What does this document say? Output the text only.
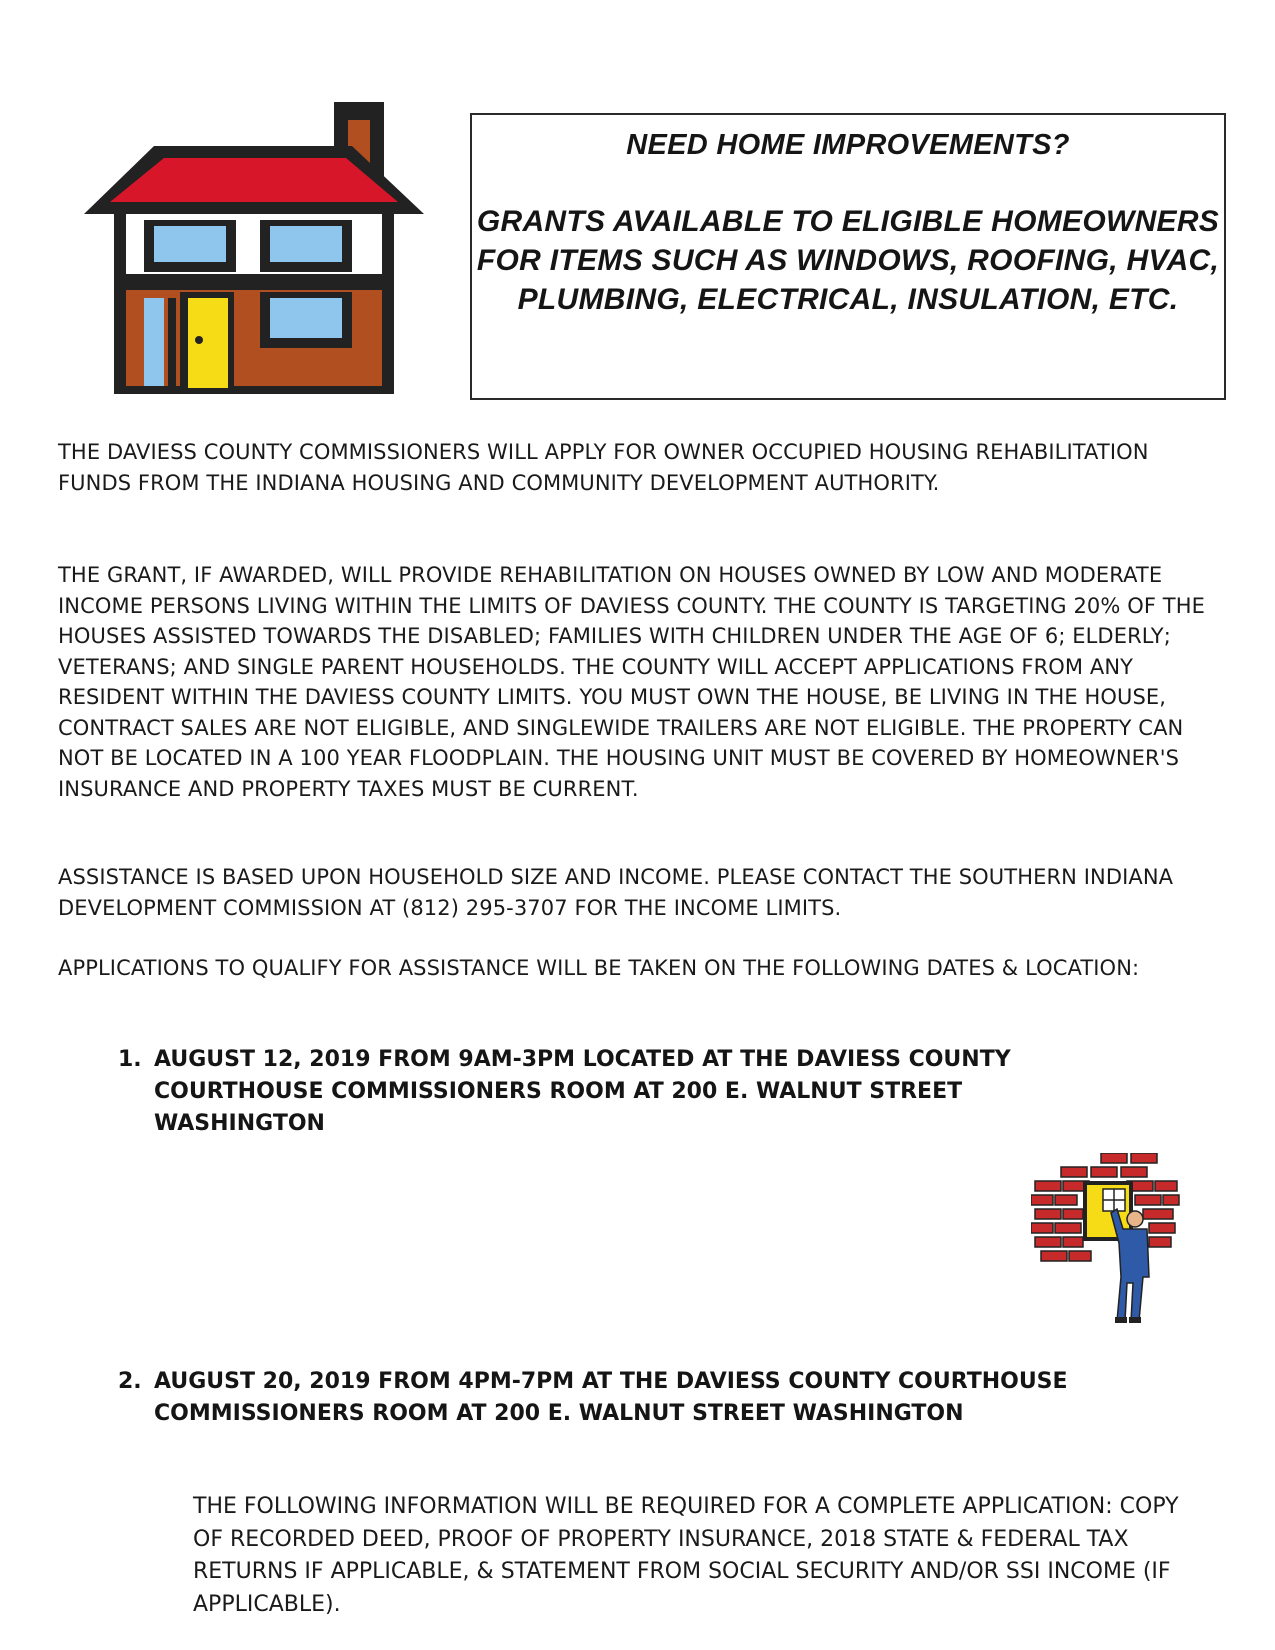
NEED HOME IMPROVEMENTS?
GRANTS AVAILABLE TO ELIGIBLE HOMEOWNERS FOR ITEMS SUCH AS WINDOWS, ROOFING, HVAC, PLUMBING, ELECTRICAL, INSULATION, ETC.

THE DAVIESS COUNTY COMMISSIONERS WILL APPLY FOR OWNER OCCUPIED HOUSING REHABILITATION FUNDS FROM THE INDIANA HOUSING AND COMMUNITY DEVELOPMENT AUTHORITY.

THE GRANT, IF AWARDED, WILL PROVIDE REHABILITATION ON HOUSES OWNED BY LOW AND MODERATE INCOME PERSONS LIVING WITHIN THE LIMITS OF DAVIESS COUNTY. THE COUNTY IS TARGETING 20% OF THE HOUSES ASSISTED TOWARDS THE DISABLED; FAMILIES WITH CHILDREN UNDER THE AGE OF 6; ELDERLY; VETERANS; AND SINGLE PARENT HOUSEHOLDS. THE COUNTY WILL ACCEPT APPLICATIONS FROM ANY RESIDENT WITHIN THE DAVIESS COUNTY LIMITS. YOU MUST OWN THE HOUSE, BE LIVING IN THE HOUSE, CONTRACT SALES ARE NOT ELIGIBLE, AND SINGLEWIDE TRAILERS ARE NOT ELIGIBLE. THE PROPERTY CAN NOT BE LOCATED IN A 100 YEAR FLOODPLAIN. THE HOUSING UNIT MUST BE COVERED BY HOMEOWNER'S INSURANCE AND PROPERTY TAXES MUST BE CURRENT.

ASSISTANCE IS BASED UPON HOUSEHOLD SIZE AND INCOME. PLEASE CONTACT THE SOUTHERN INDIANA DEVELOPMENT COMMISSION AT (812) 295-3707 FOR THE INCOME LIMITS.

APPLICATIONS TO QUALIFY FOR ASSISTANCE WILL BE TAKEN ON THE FOLLOWING DATES & LOCATION:

1. AUGUST 12, 2019 FROM 9AM-3PM LOCATED AT THE DAVIESS COUNTY COURTHOUSE COMMISSIONERS ROOM AT 200 E. WALNUT STREET WASHINGTON
2. AUGUST 20, 2019 FROM 4PM-7PM AT THE DAVIESS COUNTY COURTHOUSE COMMISSIONERS ROOM AT 200 E. WALNUT STREET WASHINGTON

THE FOLLOWING INFORMATION WILL BE REQUIRED FOR A COMPLETE APPLICATION: COPY OF RECORDED DEED, PROOF OF PROPERTY INSURANCE, 2018 STATE & FEDERAL TAX RETURNS IF APPLICABLE, & STATEMENT FROM SOCIAL SECURITY AND/OR SSI INCOME (IF APPLICABLE).
